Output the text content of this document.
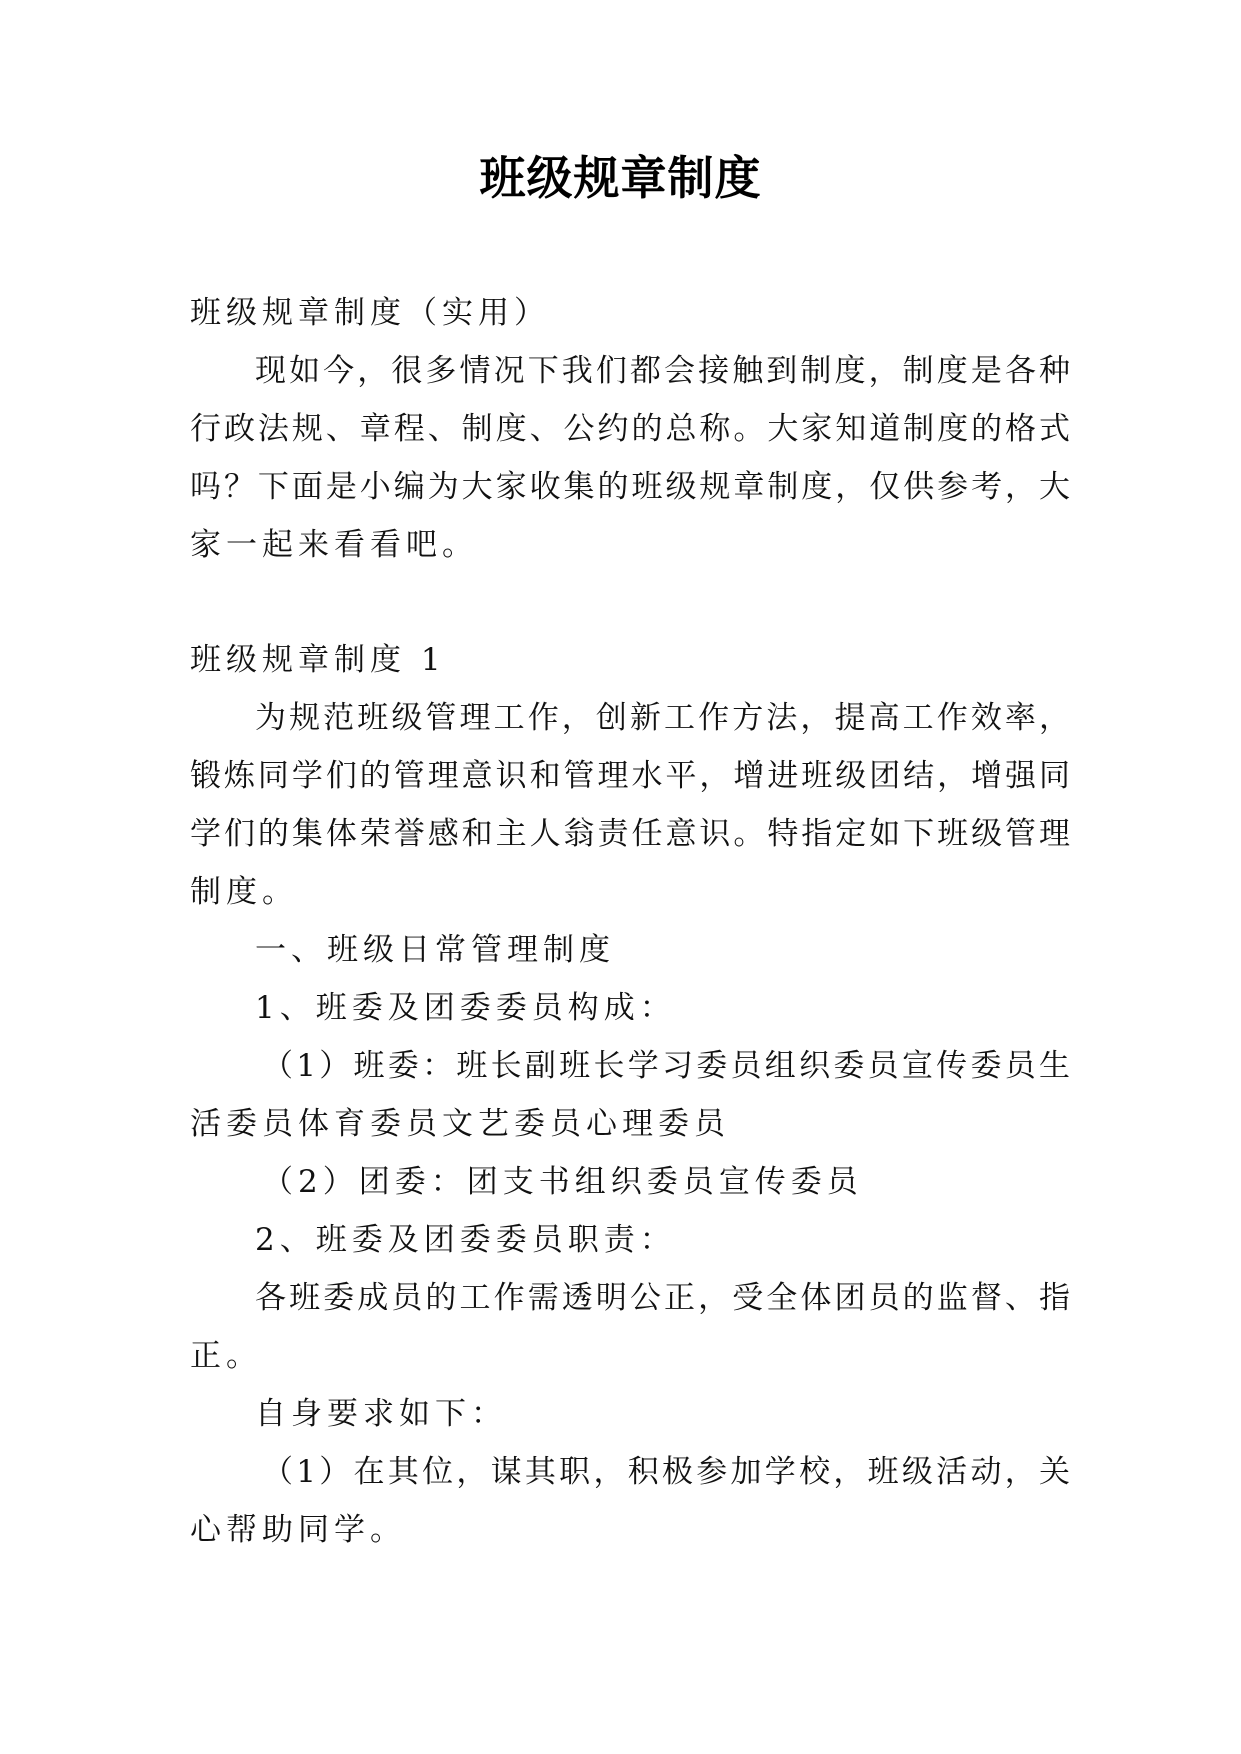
班级规章制度
班级规章制度（实用）
现如今，很多情况下我们都会接触到制度，制度是各种
行政法规、章程、制度、公约的总称。大家知道制度的格式
吗？下面是小编为大家收集的班级规章制度，仅供参考，大
家一起来看看吧。
班级规章制度 1
为规范班级管理工作，创新工作方法，提高工作效率，
锻炼同学们的管理意识和管理水平，增进班级团结，增强同
学们的集体荣誉感和主人翁责任意识。特指定如下班级管理
制度。
一、班级日常管理制度
1、班委及团委委员构成：
（1）班委：班长副班长学习委员组织委员宣传委员生
活委员体育委员文艺委员心理委员
（2）团委：团支书组织委员宣传委员
2、班委及团委委员职责：
各班委成员的工作需透明公正，受全体团员的监督、指
正。
自身要求如下：
（1）在其位，谋其职，积极参加学校，班级活动，关
心帮助同学。
